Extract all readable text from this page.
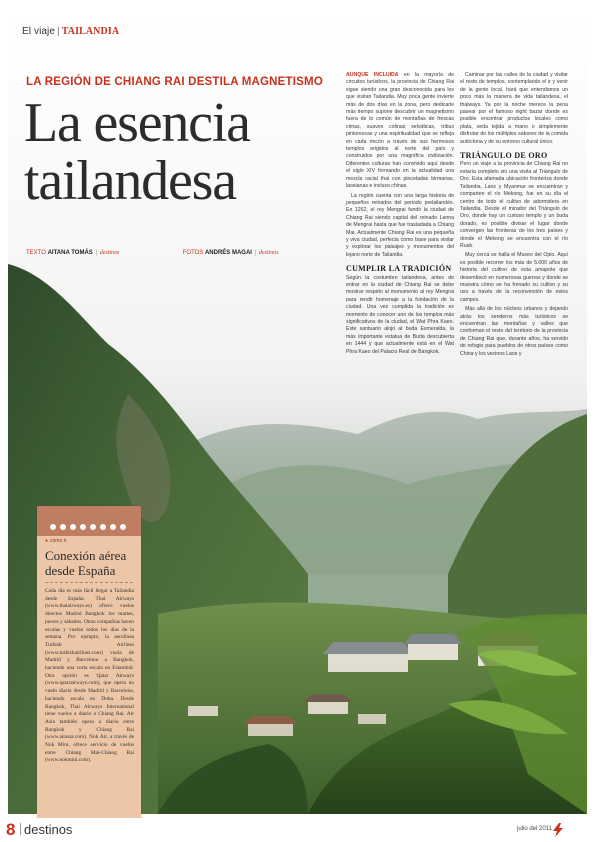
El viaje | TAILANDIA
LA REGIÓN DE CHIANG RAI DESTILA MAGNETISMO
La esencia
tailandesa
TEXTO AITANA TOMÁS | destinos	FOTOS ANDRÉS MAGAI | destinos

AUNQUE INCLUIDA en la mayoría de circuitos turísticos, la provincia de Chiang Rai sigue siendo una gran desconocida para los que visitan Tailandia. Muy poca gente invierte más de dos días en la zona, pero dedicarle más tiempo supone descubrir un magnetismo fuera de lo común de montañas de frescas cimas, suaves colinas selváticas, tribus pintorescas y una espiritualidad que se refleja en cada rincón a través de sus hermosos templos erigidos al norte del país y construidos por una magnífica civilización. Diferentes culturas han convivido aquí desde el siglo XIV formando en la actualidad una mezcla racial thai con pinceladas birmanas, laosianas e incluso chinas.

La región cuenta con una larga historia de pequeños reinados del periodo prelailandés. En 1262, el rey Mengrai fundó la ciudad de Chiang Rai siendo capital del reinado Lanna de Mengrai hasta que fue trasladada a Chiang Mai. Actualmente Chiang Rai es una pequeña y viva ciudad, perfecta como base para visitar y explorar los paisajes y monumentos del lejano norte de Tailandia.

CUMPLIR LA TRADICIÓN

Según la costumbre tailandesa, antes de entrar en la ciudad de Chiang Rai se debe mostrar respeto al monumento al rey Mengrai para rendir homenaje a la fundación de la ciudad. Una vez cumplida la tradición es momento de conocer uno de los templos más significativos de la ciudad, el Wat Phra Kaeo. Este santuario alojó al buda Esmeralda, la más importante estatua de Buda descubierta en 1444 y que actualmente está en el Wat Phra Kaeo del Palacio Real de Bangkok.

Caminar por las calles de la ciudad y visitar el resto de templos, contemplando el ir y venir de la gente local, hará que entendamos un poco más la manera de vida tailandesa, el thaiways. Ya por la noche merece la pena pasear por el famoso night bazar donde es posible encontrar productos locales como plata, seda tejida a mano o simplemente disfrutar de los múltiples sabores de la comida autóctona y de su entorno cultural único.

TRIÁNGULO DE ORO

Pero un viaje a la provincia de Chiang Rai no estaría completo sin una visita al Triángulo de Oro. Esta afamada ubicación fronteriza donde Tailandia, Laos y Myanmar se encuentran y comparten el río Mekong, fue en su día el centro de todo el cultivo de adormidera en Tailandia. Desde el mirador del Triángulo de Oro, donde hay un curioso templo y un buda dorado, es posible divisar el lugar donde convergen las fronteras de los tres países y donde el Mekong se encuentra con el río Ruak.

Muy cerca se halla el Museo del Opio. Aquí es posible recorrer los más de 5.000 años de historia del cultivo de esta amapola que desembocó en numerosas guerras y donde se muestra cómo se ha frenado su cultivo y su uso a través de la reconversión de estos campos.

Más allá de los núcleos urbanos y dejando atrás los senderos más turísticos se encuentran las montañas y valles que conforman el resto del territorio de la provincia de Chiang Rai que, durante años, ha servido de refugio para pueblos de otros países como China y los vecinos Laos y

● cómo ir
Conexión aérea desde España
Cada día es más fácil llegar a Tailandia desde España. Thai Airways (www.thaiairways.es) ofrece vuelos directos Madrid Bangkok los martes, jueves y sábados. Otras compañías hacen escalas y vuelan todos los días de la semana. Por ejemplo, la aerolínea Turkish Airlines (www.turkishairlines.com) vuela de Madrid y Barcelona a Bangkok, haciendo una corta escala en Estambul. Otra opción es Qatar Airways (www.qatarairways.com), que opera un vuelo diario desde Madrid y Barcelona, haciendo escala en Doha. Desde Bangkok, Thai Airways International tiene vuelos a diario a Chiang Rai. Air Asia también opera a diario entre Bangkok y Chiang Rai (www.airasia.com). Nok Air, a través de Nok Mini, ofrece servicio de vuelos entre Chiang Mai-Chiang Rai (www.nokmini.com).
8 destinos	julio del 2011
